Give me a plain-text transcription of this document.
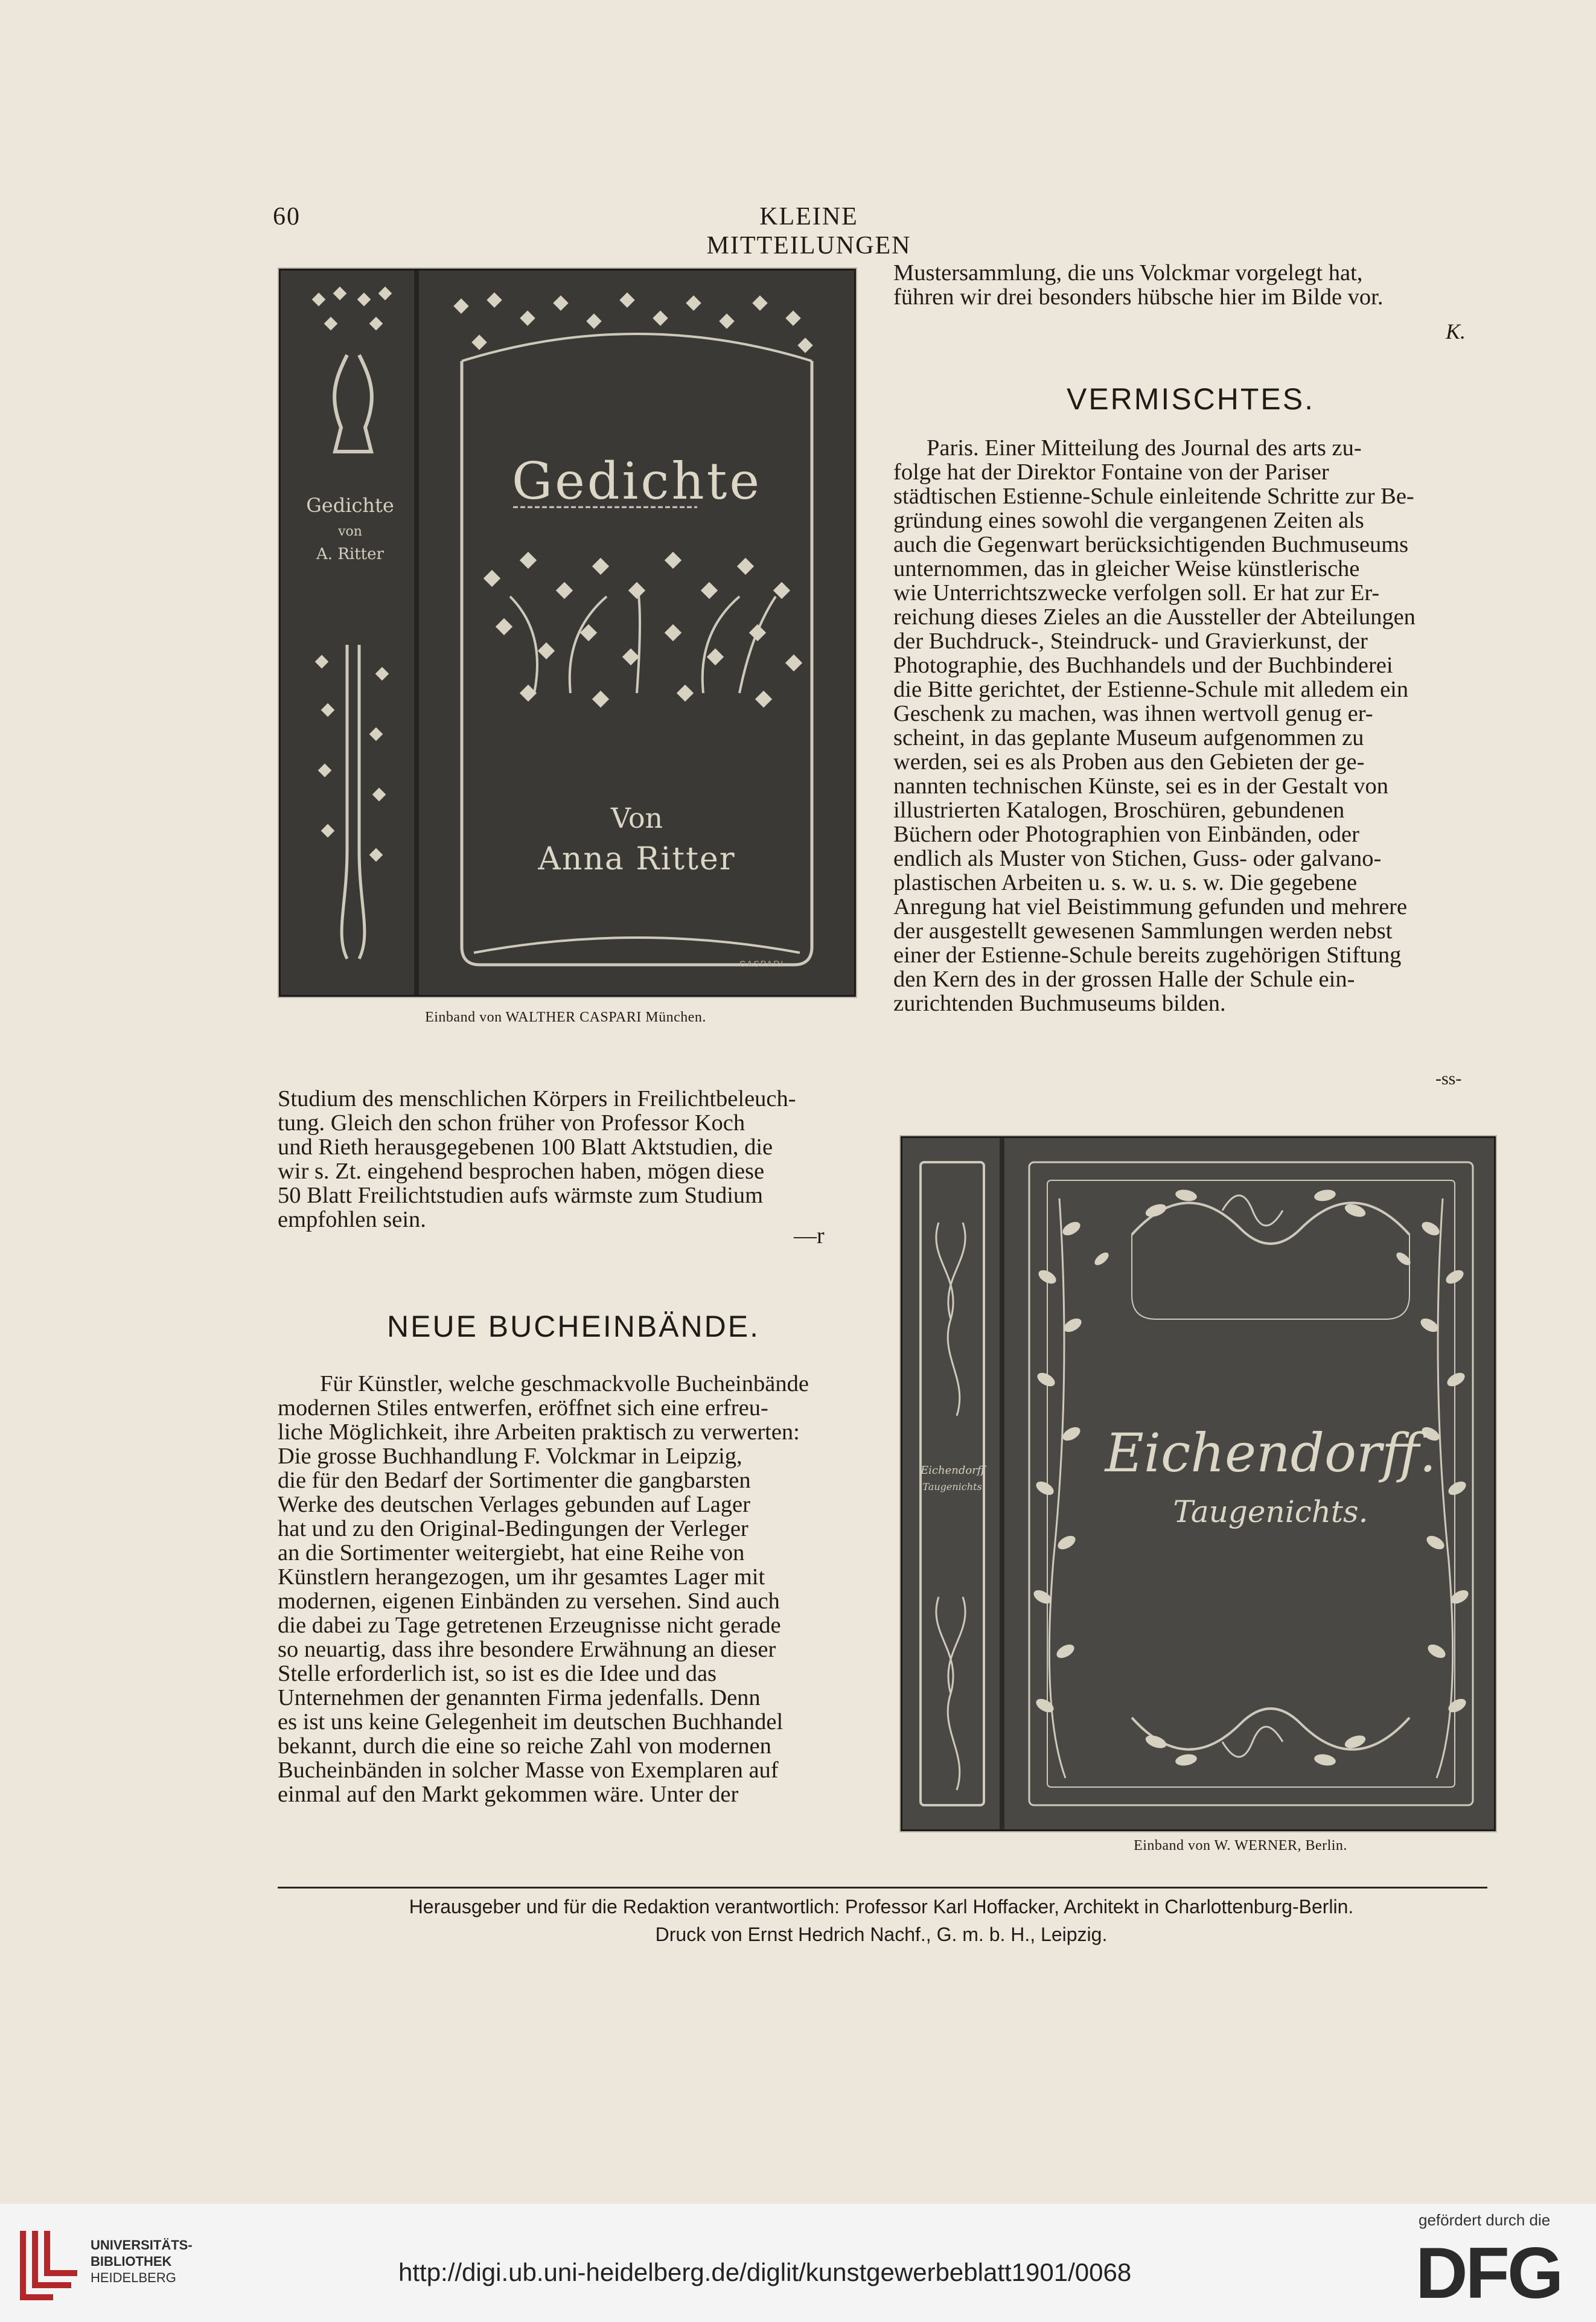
60	KLEINE MITTEILUNGEN
Gedichte
Von
Anna Ritter
Gedichte
von
A. Ritter
CASPARI
Einband von WALTHER CASPARI München.

Studium des menschlichen Körpers in Freilichtbeleuch-

tung. Gleich den schon früher von Professor Koch

und Rieth herausgegebenen 100 Blatt Aktstudien, die

wir s. Zt. eingehend besprochen haben, mögen diese

50 Blatt Freilichtstudien aufs wärmste zum Studium

empfohlen sein.

—r
NEUE BUCHEINBÄNDE.

Für Künstler, welche geschmackvolle Bucheinbände

modernen Stiles entwerfen, eröffnet sich eine erfreu-

liche Möglichkeit, ihre Arbeiten praktisch zu verwerten:

Die grosse Buchhandlung F. Volckmar in Leipzig,

die für den Bedarf der Sortimenter die gangbarsten

Werke des deutschen Verlages gebunden auf Lager

hat und zu den Original-Bedingungen der Verleger

an die Sortimenter weitergiebt, hat eine Reihe von

Künstlern herangezogen, um ihr gesamtes Lager mit

modernen, eigenen Einbänden zu versehen. Sind auch

die dabei zu Tage getretenen Erzeugnisse nicht gerade

so neuartig, dass ihre besondere Erwähnung an dieser

Stelle erforderlich ist, so ist es die Idee und das

Unternehmen der genannten Firma jedenfalls. Denn

es ist uns keine Gelegenheit im deutschen Buchhandel

bekannt, durch die eine so reiche Zahl von modernen

Bucheinbänden in solcher Masse von Exemplaren auf

einmal auf den Markt gekommen wäre. Unter der

Mustersammlung, die uns Volckmar vorgelegt hat,

führen wir drei besonders hübsche hier im Bilde vor.

K.
VERMISCHTES.

Paris. Einer Mitteilung des Journal des arts zu-

folge hat der Direktor Fontaine von der Pariser

städtischen Estienne-Schule einleitende Schritte zur Be-

gründung eines sowohl die vergangenen Zeiten als

auch die Gegenwart berücksichtigenden Buchmuseums

unternommen, das in gleicher Weise künstlerische

wie Unterrichtszwecke verfolgen soll. Er hat zur Er-

reichung dieses Zieles an die Aussteller der Abteilungen

der Buchdruck-, Steindruck- und Gravierkunst, der

Photographie, des Buchhandels und der Buchbinderei

die Bitte gerichtet, der Estienne-Schule mit alledem ein

Geschenk zu machen, was ihnen wertvoll genug er-

scheint, in das geplante Museum aufgenommen zu

werden, sei es als Proben aus den Gebieten der ge-

nannten technischen Künste, sei es in der Gestalt von

illustrierten Katalogen, Broschüren, gebundenen

Büchern oder Photographien von Einbänden, oder

endlich als Muster von Stichen, Guss- oder galvano-

plastischen Arbeiten u. s. w. u. s. w. Die gegebene

Anregung hat viel Beistimmung gefunden und mehrere

der ausgestellt gewesenen Sammlungen werden nebst

einer der Estienne-Schule bereits zugehörigen Stiftung

den Kern des in der grossen Halle der Schule ein-

zurichtenden Buchmuseums bilden.

-ss-
Eichendorff.
Taugenichts.
Eichendorff
Taugenichts
Einband von W. WERNER, Berlin.
Herausgeber und für die Redaktion verantwortlich: Professor Karl Hoffacker, Architekt in Charlottenburg-Berlin.
Druck von Ernst Hedrich Nachf., G. m. b. H., Leipzig.
UNIVERSITÄTS-
BIBLIOTHEK
HEIDELBERG	http://digi.ub.uni-heidelberg.de/diglit/kunstgewerbeblatt1901/0068
gefördert durch die
DFG
